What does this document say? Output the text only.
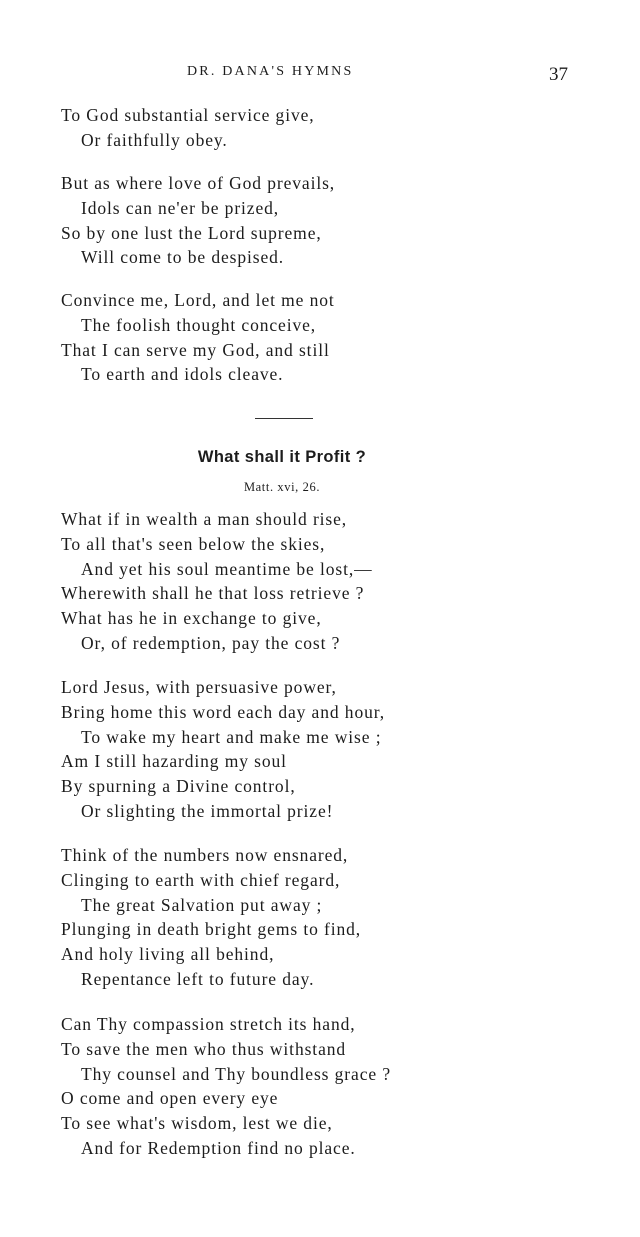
DR. DANA'S HYMNS	37
To God substantial service give,
Or faithfully obey.
But as where love of God prevails,
Idols can ne'er be prized,
So by one lust the Lord supreme,
Will come to be despised.
Convince me, Lord, and let me not
The foolish thought conceive,
That I can serve my God, and still
To earth and idols cleave.
What shall it Profit ?
Matt. xvi, 26.
What if in wealth a man should rise,
To all that's seen below the skies,
And yet his soul meantime be lost,—
Wherewith shall he that loss retrieve ?
What has he in exchange to give,
Or, of redemption, pay the cost ?
Lord Jesus, with persuasive power,
Bring home this word each day and hour,
To wake my heart and make me wise ;
Am I still hazarding my soul
By spurning a Divine control,
Or slighting the immortal prize!
Think of the numbers now ensnared,
Clinging to earth with chief regard,
The great Salvation put away ;
Plunging in death bright gems to find,
And holy living all behind,
Repentance left to future day.
Can Thy compassion stretch its hand,
To save the men who thus withstand
Thy counsel and Thy boundless grace ?
O come and open every eye
To see what's wisdom, lest we die,
And for Redemption find no place.
